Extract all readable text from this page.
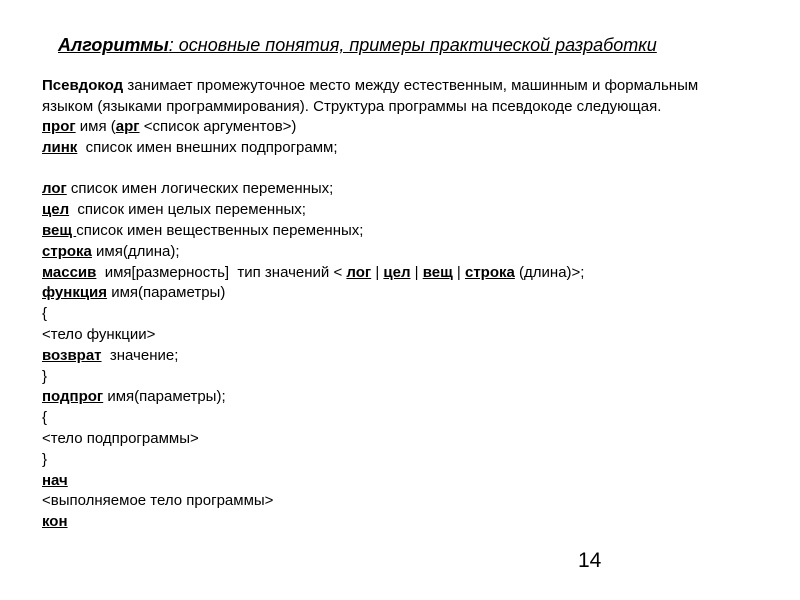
Алгоритмы: основные понятия, примеры практической разработки
Псевдокод занимает промежуточное место между естественным, машинным и формальным языком (языками программирования). Структура программы на псевдокоде следующая.
прог имя (арг <список аргументов>)
линк  список имен внешних подпрограмм;
лог список имен логических переменных;
цел  список имен целых переменных;
вещ список имен вещественных переменных;
строка имя(длина);
массив  имя[размерность]  тип значений < лог | цел | вещ | строка (длина)>;
функция имя(параметры)
{
<тело функции>
возврат  значение;
}
подпрог имя(параметры);
{
<тело подпрограммы>
}
нач
<выполняемое тело программы>
кон
14
